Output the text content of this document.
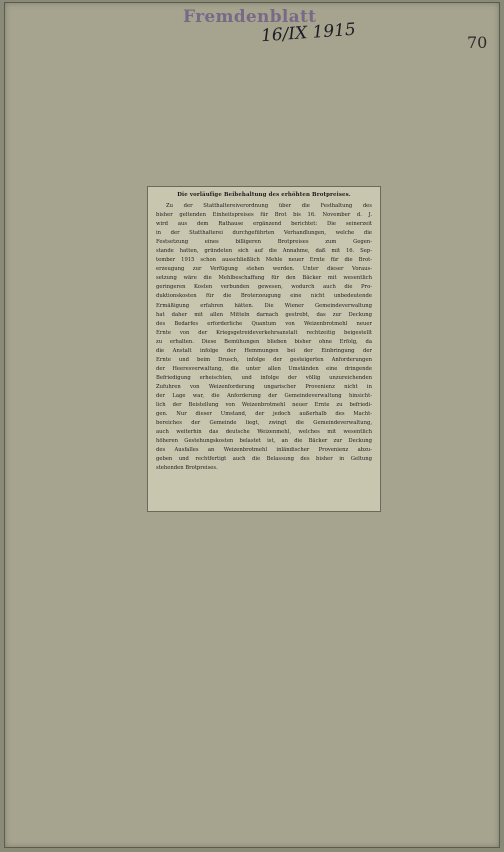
Fremdenblatt
16/IX 1915	70
Die vorläufige Beibehaltung des erhöhten Brotpreises.
Zu der Statthaltereiverordnung über die Festhaltung des
bisher geltenden Einheitspreises für Brot bis 16. November d. J.
wird aus dem Rathause ergänzend berichtet: Die seinerzeit
in der Statthalterei durchgeführten Verhandlungen, welche die
Festsetzung eines billigeren Brotpreises zum Gegen-
stande hatten, gründeten sich auf die Annahme, daß mit 16. Sep-
tember 1915 schon ausschließlich Mehle neuer Ernte für die Brot-
erzeugung zur Verfügung stehen werden. Unter dieser Voraus-
setzung wäre die Mehlbeschaffung für den Bäcker mit wesentlich
geringeren Kosten verbunden gewesen, wodurch auch die Pro-
duktionskosten für die Broterzeugung eine nicht unbedeutende
Ermäßigung erfahren hätten. Die Wiener Gemeindeverwaltung
hat daher mit allen Mitteln darnach gestrebt, das zur Deckung
des Bedarfes erforderliche Quantum von Weizenbrotmehl neuer
Ernte von der Kriegsgetreideverkehrsanstalt rechtzeitig beigestellt
zu erhalten. Diese Bemühungen blieben bisher ohne Erfolg, da
die Anstalt infolge der Hemmungen bei der Einbringung der
Ernte und beim Drusch, infolge der gesteigerten Anforderungen
der Heeresverwaltung, die unter allen Umständen eine dringende
Befriedigung erheischten, und infolge der völlig unzureichenden
Zufuhren von Weizenforderung ungarischer Provenienz nicht in
der Lage war, die Anforderung der Gemeindeverwaltung hinsicht-
lich der Beistellung von Weizenbrotmehl neuer Ernte zu befriedi-
gen. Nur dieser Umstand, der jedoch außerhalb des Macht-
bereiches der Gemeinde liegt, zwingt die Gemeindeverwaltung,
auch weiterhin das deutsche Weizenmehl, welches mit wesentlich
höheren Gestehungskosten belastet ist, an die Bäcker zur Deckung
des Ausfalles an Weizenbrotmehl inländischer Provenienz abzu-
geben und rechtfertigt auch die Belassung des bisher in Geltung
stehenden Brotpreises.
